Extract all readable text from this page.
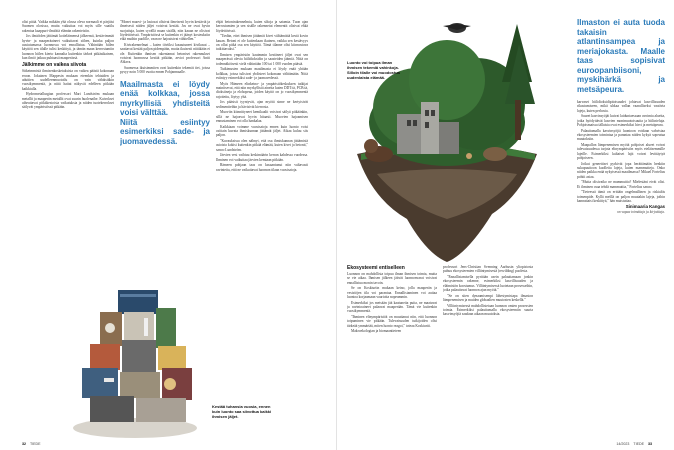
olisi pitää. Vaikka mikään yhä olossa oleva normaali ei pärjäisi Suomen olosissa, mutta vaikuttaa voi myös sille vaatilu rakentaa kaappuri-ilmiöitä elämän rakenteisiin.

Jos ilmiöiden jättämät kotieläimensä jälkeensä, kestävimmät hyvin- ja maaperäaineet vaikuttavat siihen, kuinka paljon uusiutumassa luonnossa voi ennallistua. Vähintään hiilen käyttöä sen tilalle tulisi keskittyä, ja tämän maan kerrostumiin luonnon hiilen kierto kannalta kuitenkin tärkeä pitkäaikainen, kun ilmiö jatkuu puhtaasti maaperässä.

Jälkimme on vaikea siivota

Sitkeimmistä ihmisenkosketuksista on vaikea päästä kokonaan eroon. Jokainen Mappesin mukaan eteenkin tehtaiden ja aduttien uudelleenmuotoilu on vain vähäisiäkin vuosikymmeniä, ja niitä haitat näkyvät edelleen pitkään kaikkialla.

Hydrometallurgian professori Mari Lundström mukaan metallit ja maaperän metallit ovat suurin huolenaihe. Kaivokset aiheuttavat pitkäkestoisia vaikutuksia ja niiden tuotekerrokset säilyvät ympäristössä pitkään.

"Monet muovi- ja lasiosat olisivat ilmeisesti hyvin kestäviä ja ilmeisesti niiden jäljet voisivat kestää. Jos ne ovat hyvin suojattuja, kuten syvällä maan sisällä, niin kauan ne olisivat löydettävissä. Ympäristössä se kuitenkin ei jäänyt kosteuksiin eikä muihin puolille, vaan ne hajoaisivat vähitellen."

Kivirakennelmat – kuten tiiviiksi kasautuneet kivikasat – saattavat kestää paljon pidempään, mutta ikuisesti niitäkään ei ole. Kuitenkin ihmisen rakentamat betoniset rakennukset voisivat luonnossa kestää pitkään, arvioi professori Antti Ahlava.

Suomessa ikuisimmiten ovat kuitenkin tekemät tiet, joissa pysyy noin 5 000 vuotta ennen Pohjanmaalle.

Maailmasta ei löydy enää kolkkaa, jossa myrkyllisiä yhdisteitä voisi välttää.

Niitä esiintyy esimerkiksi sade- ja juomavedessä.

ehjät betonirakennelmia, kuten siltoja ja satamia. Tuon ajan kerrostumien ja sen sisälle rakennetut elementit olisivat ehkä löydettävissä.

"Tiedän, ettei ihmisen jättämät kivet välttämättä kestä kovin kauan. Betoni ei ole kuitenkaan ikuinen, vaikka sen kestävyys on ollut pitkä osa sen käyttöä. Tämä tilanne olisi kiinnostava tutkittavaksi."

Ihmisen ympäristön kauimmin kestäneet jäljet ovat sen maaperässä olevia hiilidioksidin ja saasteiden jäämiä. Niitä on todennäköisesti vielä vähintään 100 tai 1 000 vuoden päästä.

Tutkimusten mukaan maailmasta ei löydy enää yhtään kolkkaa, joissa tulisivat yhdisteet kokonaan välttämään. Niitä esiintyy esimerkiksi sade- ja juomavedessä.

Myös Hämeen elinkeino- ja ympäristökeskuksen tutkijat mainitsevat, että niin myrkyllisiä aineita kuten DDT:tä, PCB:tä, dioksiineja ja elohopeaa, joiden käyttö on jo vuosikymmeniä rajoitettu, löytyy yhä.

Jos pääsisit tyyntyvät, ajan myötä sinne ne kertyisivät sedimentteihin ja hävisivät kierrosta.

Muoviin kiinnittyneet kemikaalit voisivat säilyä pitkäänkin, sillä ne hajoavat hyvin hitaasti. Muovien hajoamisen ennustaminen voi olla hankalaa.

Kaikkiaan voimme vuosisatoja ennen kuin luonto voisi osittain kuvata ihmiskunnan jättämät jäljet. Aikaa kuluu siis paljon.

"Kuvauksissa olen nähnyt, että osa ihmiskunnan jättämistä asioista kokisi kuitenkin pitkää elämää, kuten kivet ja betonit," sanoo Lundström.

Järvien vesi vaihtuu keskimäärin kerran kahdessa vuodessa. Ihminen voi vaikuttaa järvien kemiaan pitkään.

Rämeen pohjaan taas on kasaantunut niin valtavasti ravinteita, että ne vaikuttavat luonnon tilaan vuosisatoja.

Kestää tuhansia vuosia, ennen kuin luonto saa siivottua kaikki ihmisen jäljet.
32 TIEDE
Luonto voi toipua ilman ihmisen tekemiä vahinkoja. Silloin tilalle voi muodostua uudenlaista elämää.
Ekosysteemi entiselleen

Luonnon on mahdollista toipua ilman ihmisen toimia, mutta se vie aikaa. Ihmisen jälkeen jäävät luonnonvarat voisivat ennallistua monin tavoin.

Se on Koskiurtin mukaan keino, jolla maaperän ja vesistöjen tila voi parantua. Ennallistaminen voi auttaa luontoa korjaamaan vaurioita nopeammin.

Esimerkiksi jos metsään jää kaatuneita puita, ne maatuvat ja ravintoaineet palaavat maaperään. Tämä vie kuitenkin vuosikymmeniä.

"Ihminen elinympäristöä on muuttanut niin, että luonnon toipuminen vie pitkään. Tulevaisuuden tutkijoiden olisi tärkeää ymmärtää, miten luonto reagoi," toteaa Koskiurtti.

Makroekologian ja biomaantieteen

professori Jens-Christian Svenning Aarhusin yliopistosta puhuu ekosysteemien villiintymisestä (rewilding) puolesta.

"Ennallistamisella pyritään usein palauttamaan jonkin ekosysteemin rakenne, esimerkiksi kasvillisuuden ja eläimistön koostumus. Villiintymisessä luotetaan prosesseihin, jotka palauttavat luonnon ajan myötä."

"Se on siten dynaamisempi lähestymistapa ilmaston lämpenemisen ja muiden globaalien muutosten keskellä."

Villiintymisessä mahdollistetaan luonnon omien prosessien toimia. Esimerkiksi palauttamalla ekosysteemiin suuria kasvinsyöjiä saadaan aikaan muutoksia.

Ilmaston ei auta tuoda takaisin atlantinsampea ja meriajokasta. Maalle taas sopisivat euroopanbiisoni, myskihärkä ja metsäpeura.

karvaset hiilidioksidipitoisuudet johtavat kasvillisuuden rikastumiseen, mikä uhkaa vallan vaaralliseksi vaativia lajeja, kuten perhosia.

Suuret kasvinsyöjät kuivat laiduntaessaan avoimia alueita, jotka hyödyttävät kasvien monimuotoisuutta ja hiilinieluja. Pohjoismaissa tällaisia ovat esimerkiksi hirvi ja metsäpeura.

Palauttamalla kasvinsyöjiä luontoon voidaan vahvistaa ekosysteemien toimintaa ja parantaa niiden kykyä sopeutua muutoksiin.

Maapallon lämpenemisen myötä pohjoiset alueet voivat tulevaisuudessa tarjota elinympäristön myös eteläisemmille lajeille. Esimerkiksi kaltaiset lajit voivat levittäytyä pohjoiseen.

Jotkut geneettiset pyrkivät jopa herättämään henkiin sukupuuttoon kuolleita lajeja, kuten mammutteja. Onko niiden paikka enää nykyisessä maailmassa? Mikael Fortelius pohtii asiaa.

"Mutta olisivatko ne mammuttia? Mielestäni eivät olisi. Ei ihminen osaa tehdä mammuttia," Fortelius sanoo.

"Tieteessä tämä on erittäin ongelmallinen ja riskialtis toimenpide. Kyllä meillä on paljon muutakin lajeja, joihin kannattaisi keskittyä," hän muistuttaa.

Sinimaaria Kangas
on vapaa toimittaja ja kirjoittaja.
14/2023 TIEDE 33
